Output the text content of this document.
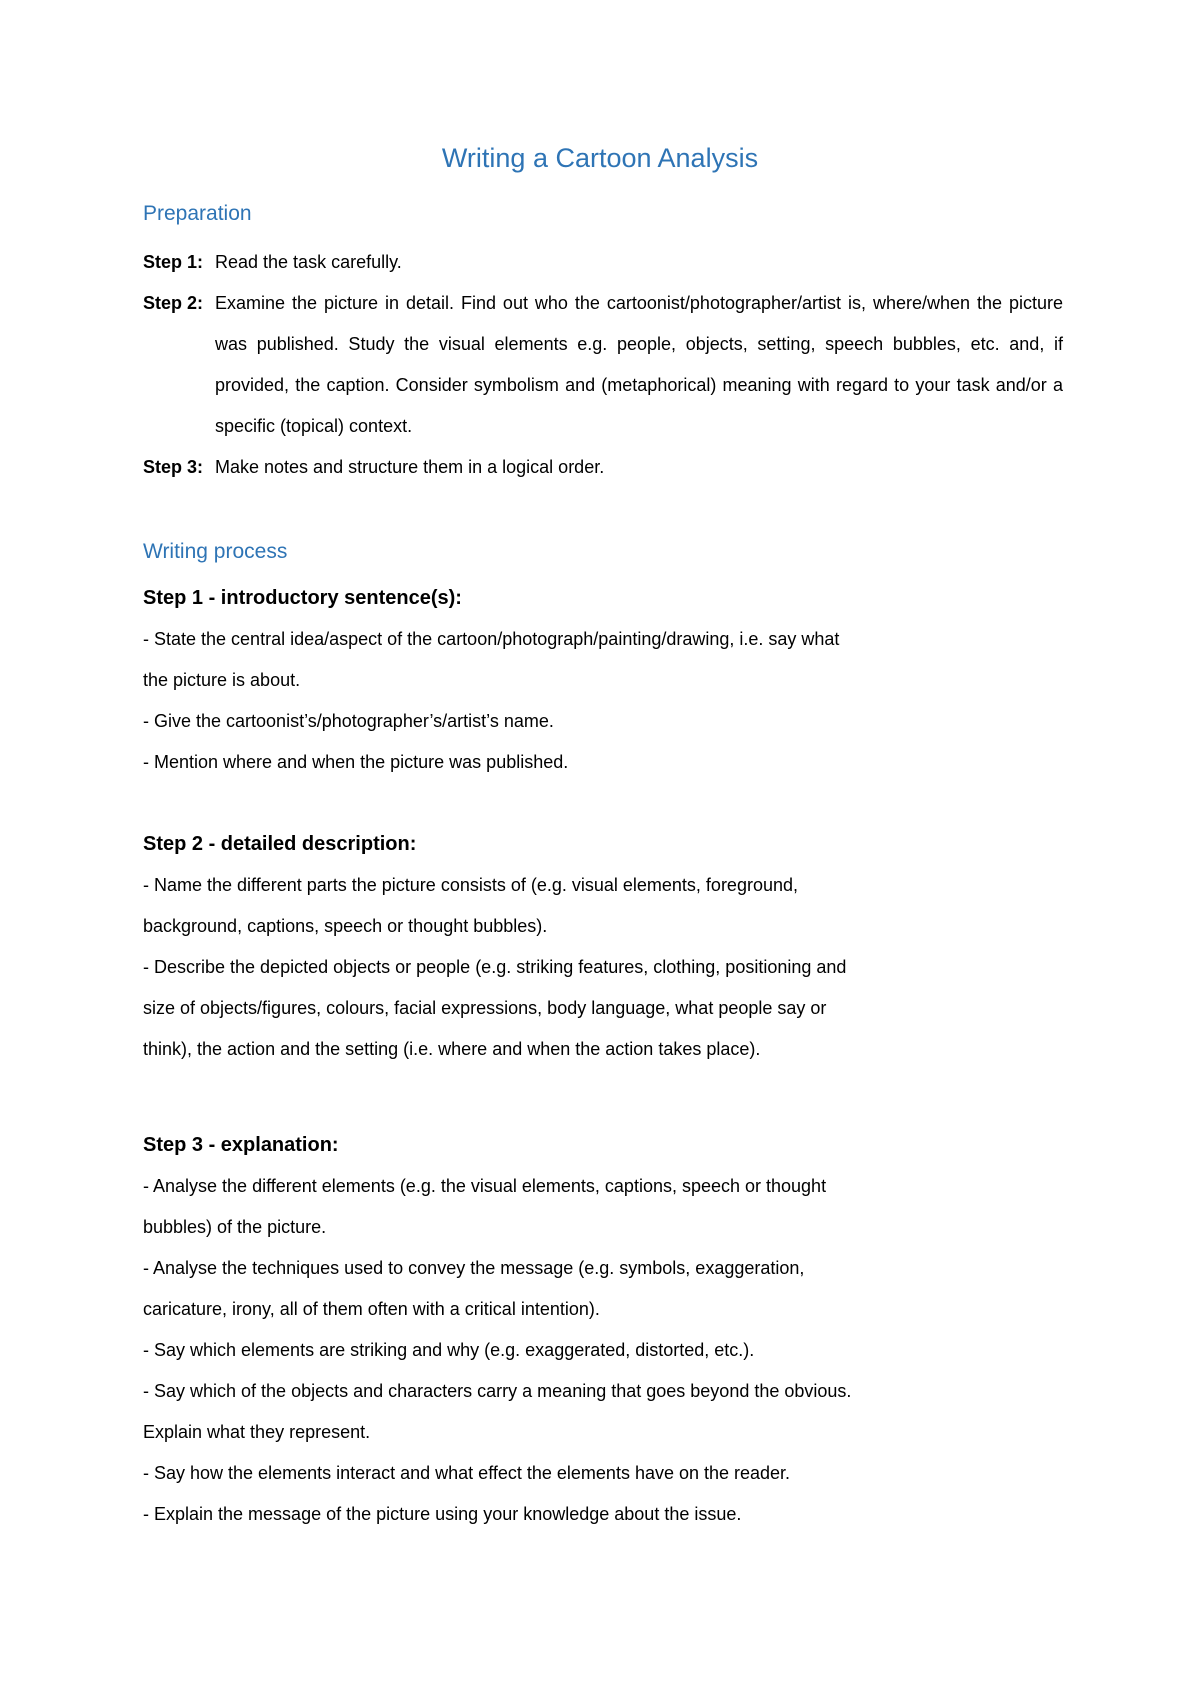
Writing a Cartoon Analysis
Preparation
Step 1: Read the task carefully.
Step 2: Examine the picture in detail. Find out who the cartoonist/photographer/artist is, where/when the picture was published. Study the visual elements e.g. people, objects, setting, speech bubbles, etc. and, if provided, the caption. Consider symbolism and (metaphorical) meaning with regard to your task and/or a specific (topical) context.
Step 3: Make notes and structure them in a logical order.
Writing process
Step 1 - introductory sentence(s):

- State the central idea/aspect of the cartoon/photograph/painting/drawing, i.e. say what

the picture is about.

- Give the cartoonist’s/photographer’s/artist’s name.

- Mention where and when the picture was published.

Step 2 - detailed description:

- Name the different parts the picture consists of (e.g. visual elements, foreground,

background, captions, speech or thought bubbles).

- Describe the depicted objects or people (e.g. striking features, clothing, positioning and

size of objects/figures, colours, facial expressions, body language, what people say or

think), the action and the setting (i.e. where and when the action takes place).

Step 3 - explanation:

- Analyse the different elements (e.g. the visual elements, captions, speech or thought

bubbles) of the picture.

- Analyse the techniques used to convey the message (e.g. symbols, exaggeration,

caricature, irony, all of them often with a critical intention).

- Say which elements are striking and why (e.g. exaggerated, distorted, etc.).

- Say which of the objects and characters carry a meaning that goes beyond the obvious.

Explain what they represent.

- Say how the elements interact and what effect the elements have on the reader.

- Explain the message of the picture using your knowledge about the issue.
